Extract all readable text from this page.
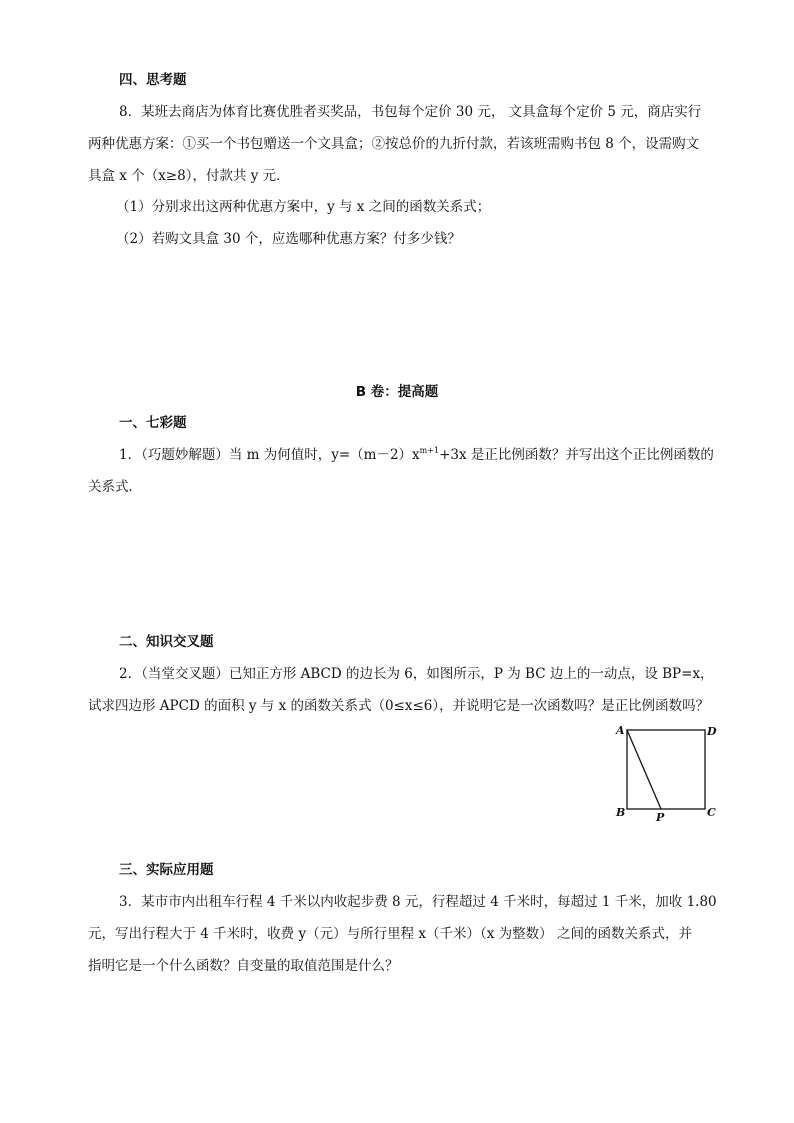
四、思考题
8．某班去商店为体育比赛优胜者买奖品，书包每个定价 30 元， 文具盒每个定价 5 元，商店实行
两种优惠方案：①买一个书包赠送一个文具盒；②按总价的九折付款，若该班需购书包 8 个，设需购文
具盒 x 个（x≥8），付款共 y 元．
（1）分别求出这两种优惠方案中，y 与 x 之间的函数关系式；
（2）若购文具盒 30 个，应选哪种优惠方案？付多少钱？
B 卷：提高题
一、七彩题
1．（巧题妙解题）当 m 为何值时，$y=(m-2)x^{m+1}+3x$ 是正比例函数？并写出这个正比例函数的
关系式．
二、知识交叉题
2．（当堂交叉题）已知正方形 ABCD 的边长为 6，如图所示，P 为 BC 边上的一动点，设 BP=x，
试求四边形 APCD 的面积 y 与 x 的函数关系式（0≤x≤6），并说明它是一次函数吗？是正比例函数吗？
A	D
B	P	C
三、实际应用题
3．某市市内出租车行程 4 千米以内收起步费 8 元，行程超过 4 千米时，每超过 1 千米，加收 1.80
元，写出行程大于 4 千米时，收费 y（元）与所行里程 x（千米）（x 为整数） 之间的函数关系式，并
指明它是一个什么函数？自变量的取值范围是什么？
